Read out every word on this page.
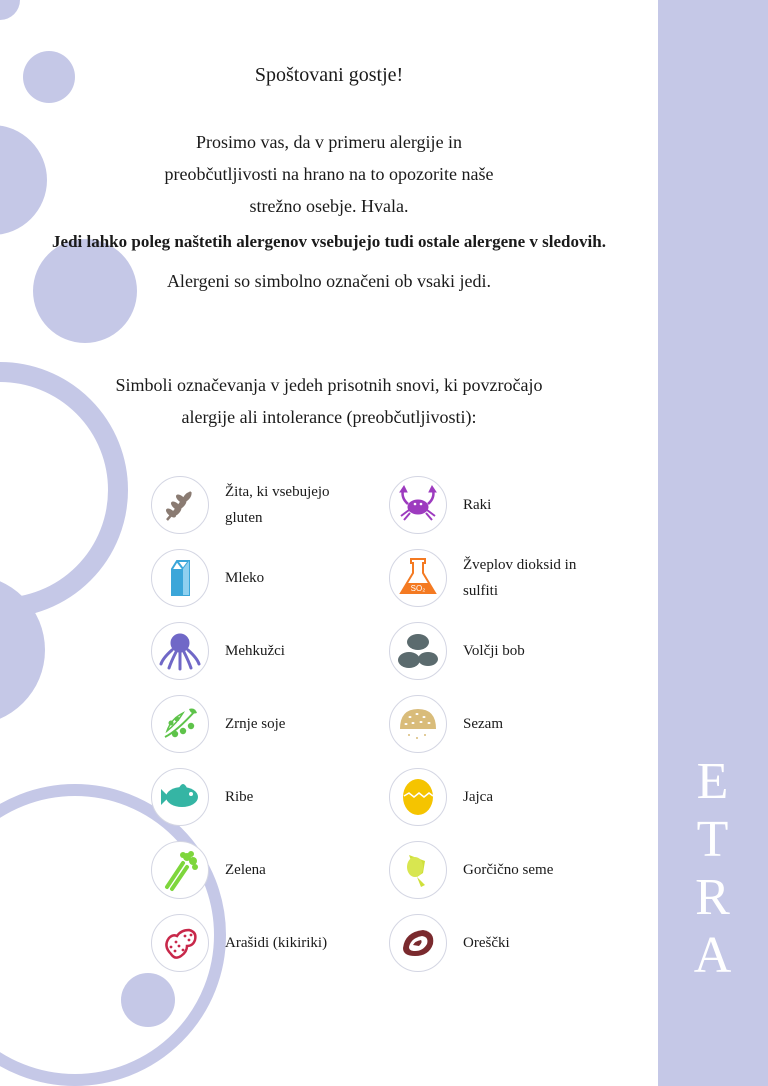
E
T
R
A
Spoštovani gostje!
Prosimo vas, da v primeru alergije in preobčutljivosti na hrano na to opozorite naše strežno osebje. Hvala.
Jedi lahko poleg naštetih alergenov vsebujejo tudi ostale alergene v sledovih.
Alergeni so simbolno označeni ob vsaki jedi.
Simboli označevanja v jedeh prisotnih snovi, ki povzročajo alergije ali intolerance (preobčutljivosti):
Žita, ki vsebujejo gluten
Mleko
Mehkužci
Zrnje soje
Ribe
Zelena
Arašidi (kikiriki)
Raki
SO₂
Žveplov dioksid in sulfiti
Volčji bob
Sezam
Jajca
Gorčično seme
Oreščki
